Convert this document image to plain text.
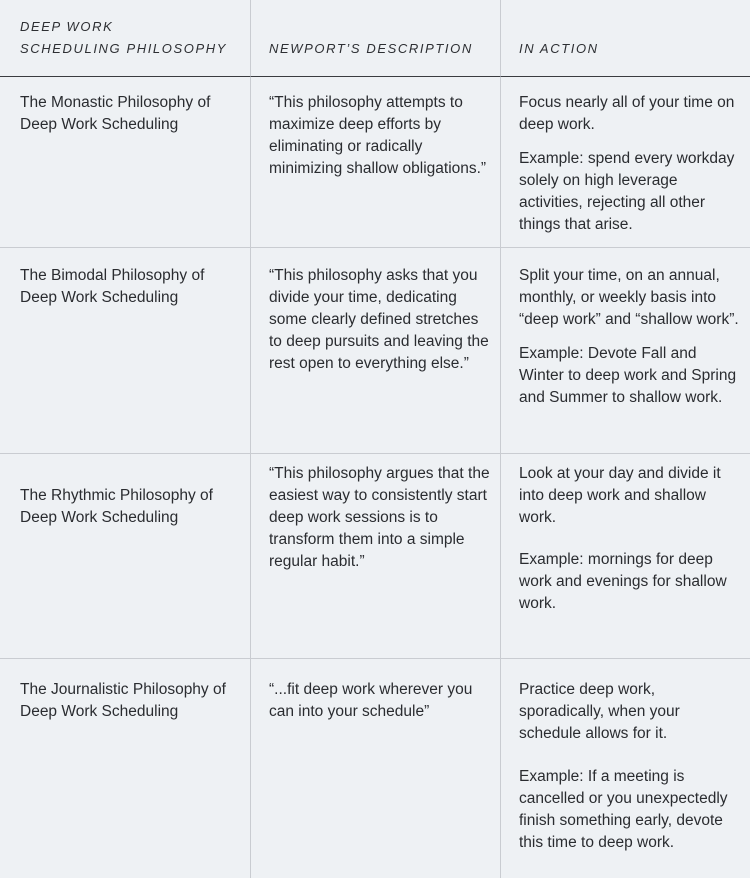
DEEP WORK
SCHEDULING PHILOSOPHY	NEWPORT’S DESCRIPTION	IN ACTION
The Monastic Philosophy of Deep Work Scheduling
“This philosophy attempts to maximize deep efforts by eliminating or radically minimizing shallow obligations.”

Focus nearly all of your time on deep work.

Example: spend every workday solely on high leverage activities, rejecting all other things that arise.

The Bimodal Philosophy of Deep Work Scheduling
“This philosophy asks that you divide your time, dedicating some clearly defined stretches to deep pursuits and leaving the rest open to everything else.”

Split your time, on an annual, monthly, or weekly basis into “deep work” and “shallow work”.

Example: Devote Fall and Winter to deep work and Spring and Summer to shallow work.

The Rhythmic Philosophy of Deep Work Scheduling
“This philosophy argues that the easiest way to consistently start deep work sessions is to transform them into a simple regular habit.”

Look at your day and divide it into deep work and shallow work.

Example: mornings for deep work and evenings for shallow work.

The Journalistic Philosophy of Deep Work Scheduling
“...fit deep work wherever you can into your schedule”

Practice deep work, sporadically, when your schedule allows for it.

Example: If a meeting is cancelled or you unexpectedly finish something early, devote this time to deep work.
